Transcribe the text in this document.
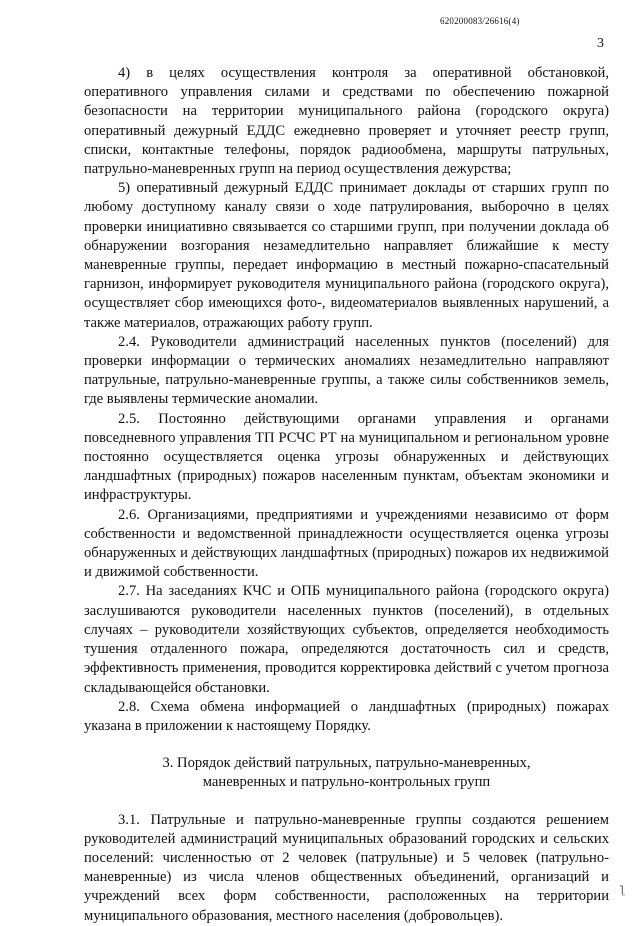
620200083/26616(4)
3

4) в целях осуществления контроля за оперативной обстановкой, оперативного управления силами и средствами по обеспечению пожарной безопасности на территории муниципального района (городского округа) оперативный дежурный ЕДДС ежедневно проверяет и уточняет реестр групп, списки, контактные телефоны, порядок радиообмена, маршруты патрульных, патрульно-маневренных групп на период осуществления дежурства;

5) оперативный дежурный ЕДДС принимает доклады от старших групп по любому доступному каналу связи о ходе патрулирования, выборочно в целях проверки инициативно связывается со старшими групп, при получении доклада об обнаружении возгорания незамедлительно направляет ближайшие к месту маневренные группы, передает информацию в местный пожарно-спасательный гарнизон, информирует руководителя муниципального района (городского округа), осуществляет сбор имеющихся фото-, видеоматериалов выявленных нарушений, а также материалов, отражающих работу групп.

2.4. Руководители администраций населенных пунктов (поселений) для проверки информации о термических аномалиях незамедлительно направляют патрульные, патрульно-маневренные группы, а также силы собственников земель, где выявлены термические аномалии.

2.5. Постоянно действующими органами управления и органами повседневного управления ТП РСЧС РТ на муниципальном и региональном уровне постоянно осуществляется оценка угрозы обнаруженных и действующих ландшафтных (природных) пожаров населенным пунктам, объектам экономики и инфраструктуры.

2.6. Организациями, предприятиями и учреждениями независимо от форм собственности и ведомственной принадлежности осуществляется оценка угрозы обнаруженных и действующих ландшафтных (природных) пожаров их недвижимой и движимой собственности.

2.7. На заседаниях КЧС и ОПБ муниципального района (городского округа) заслушиваются руководители населенных пунктов (поселений), в отдельных случаях – руководители хозяйствующих субъектов, определяется необходимость тушения отдаленного пожара, определяются достаточность сил и средств, эффективность применения, проводится корректировка действий с учетом прогноза складывающейся обстановки.

2.8. Схема обмена информацией о ландшафтных (природных) пожарах указана в приложении к настоящему Порядку.

3. Порядок действий патрульных, патрульно-маневренных,
маневренных и патрульно-контрольных групп

3.1. Патрульные и патрульно-маневренные группы создаются решением руководителей администраций муниципальных образований городских и сельских поселений: численностью от 2 человек (патрульные) и 5 человек (патрульно-маневренные) из числа членов общественных объединений, организаций и учреждений всех форм собственности, расположенных на территории муниципального образования, местного населения (добровольцев).

ƪ
